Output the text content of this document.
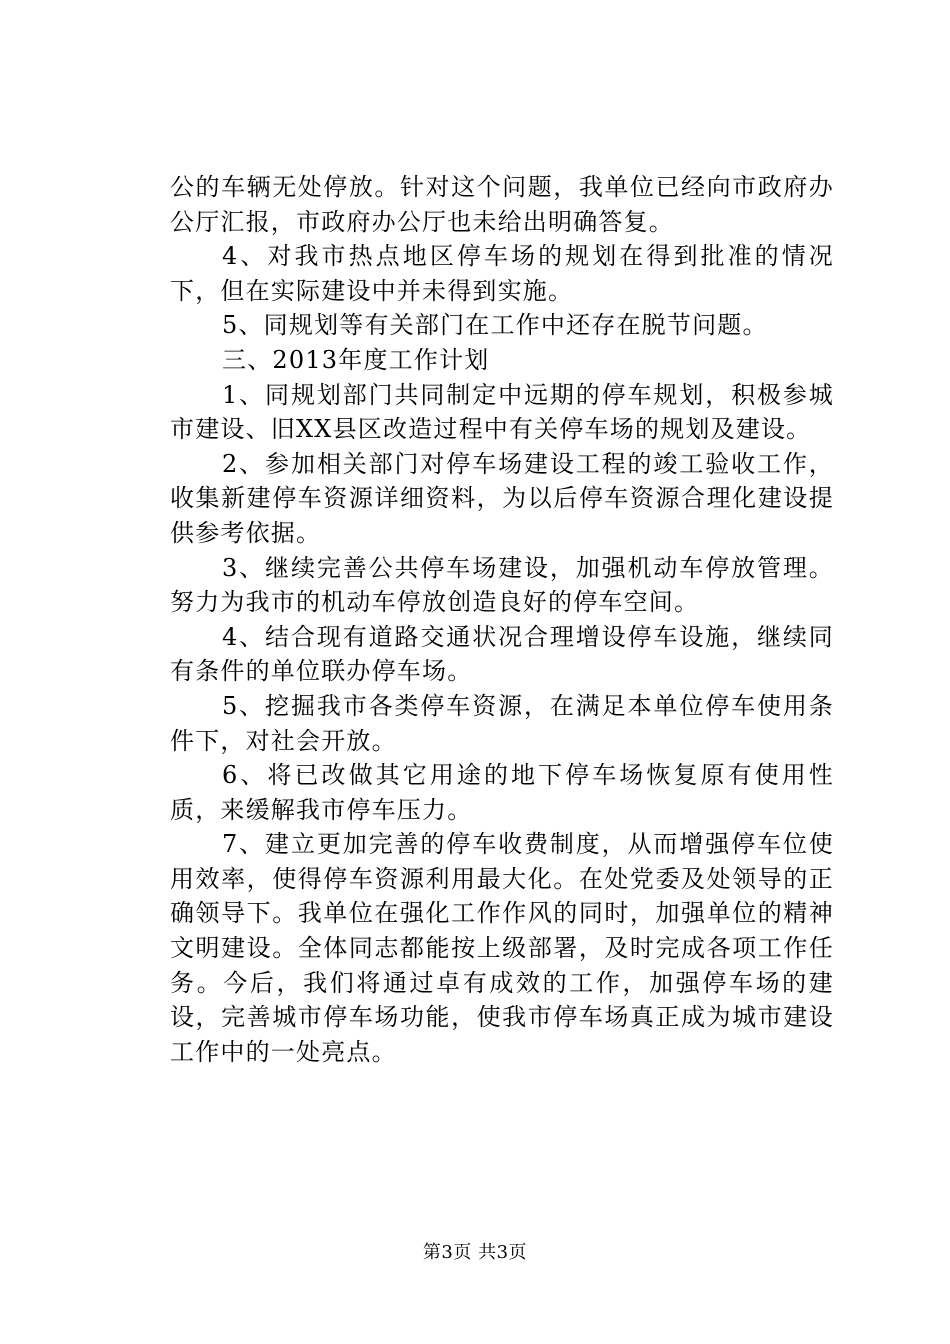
公的车辆无处停放。针对这个问题，我单位已经向市政府办公厅汇报，市政府办公厅也未给出明确答复。

4、对我市热点地区停车场的规划在得到批准的情况下，但在实际建设中并未得到实施。

5、同规划等有关部门在工作中还存在脱节问题。

三、2013年度工作计划

1、同规划部门共同制定中远期的停车规划，积极参城市建设、旧XX县区改造过程中有关停车场的规划及建设。

2、参加相关部门对停车场建设工程的竣工验收工作，收集新建停车资源详细资料，为以后停车资源合理化建设提供参考依据。

3、继续完善公共停车场建设，加强机动车停放管理。努力为我市的机动车停放创造良好的停车空间。

4、结合现有道路交通状况合理增设停车设施，继续同有条件的单位联办停车场。

5、挖掘我市各类停车资源，在满足本单位停车使用条件下，对社会开放。

6、将已改做其它用途的地下停车场恢复原有使用性质，来缓解我市停车压力。

7、建立更加完善的停车收费制度，从而增强停车位使用效率，使得停车资源利用最大化。在处党委及处领导的正确领导下。我单位在强化工作作风的同时，加强单位的精神文明建设。全体同志都能按上级部署，及时完成各项工作任务。今后，我们将通过卓有成效的工作，加强停车场的建设，完善城市停车场功能，使我市停车场真正成为城市建设工作中的一处亮点。

第3页 共3页
